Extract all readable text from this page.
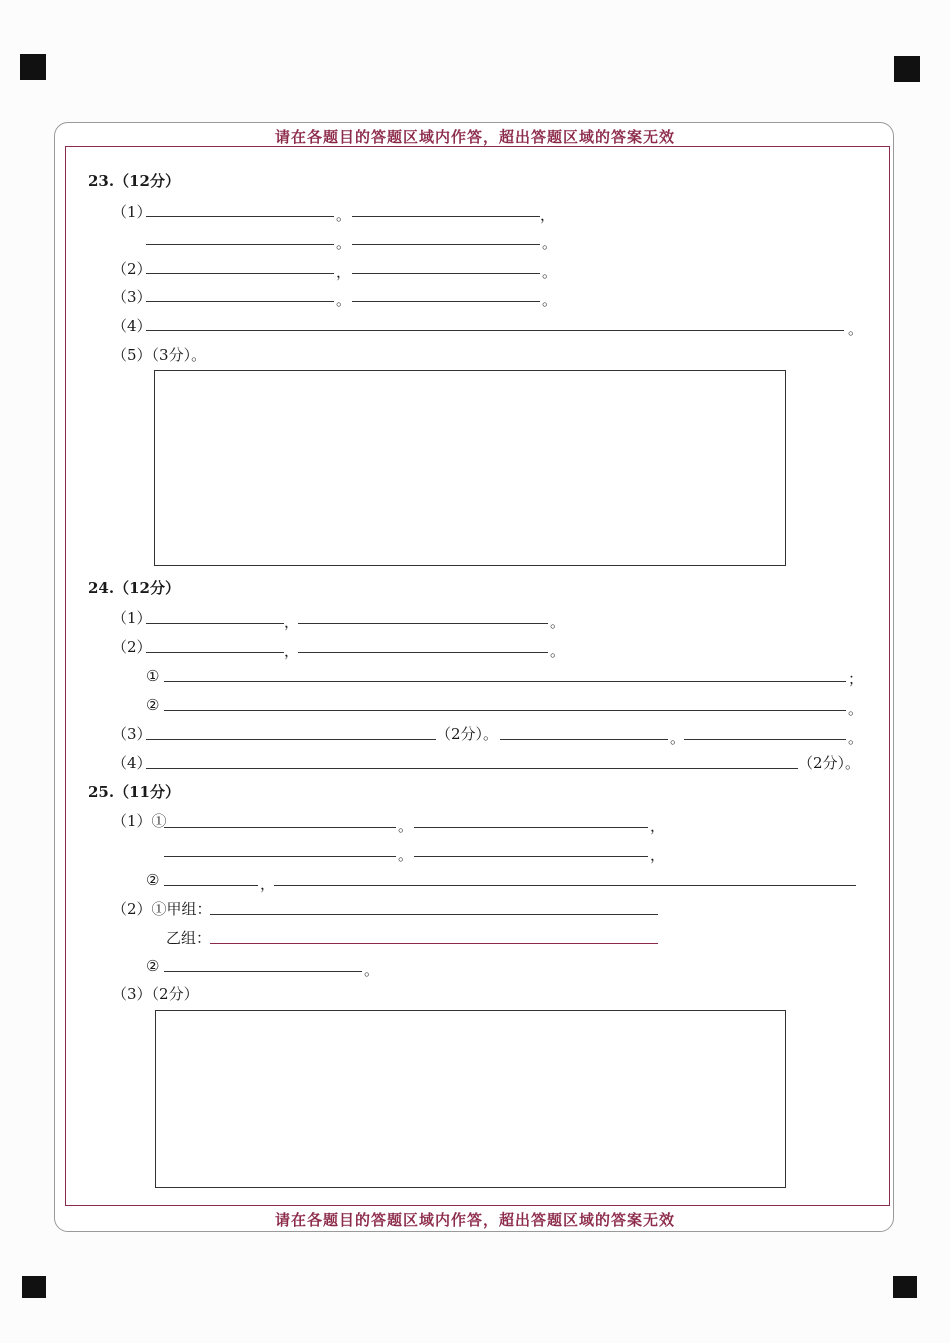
请在各题目的答题区域内作答，超出答题区域的答案无效
请在各题目的答题区域内作答，超出答题区域的答案无效
23.（12分）
（1）	。	，
。	。
（2）	，	。
（3）	。	。
（4）	。
（5）（3分）。
24.（12分）
（1）	，	。
（2）	，	。
①	；
②	。
（3）	（2分）。	。	。
（4）	（2分）。
25.（11分）
（1）①	。	，
。	，
②	，
（2）①甲组：
乙组：
②	。
（3）（2分）
